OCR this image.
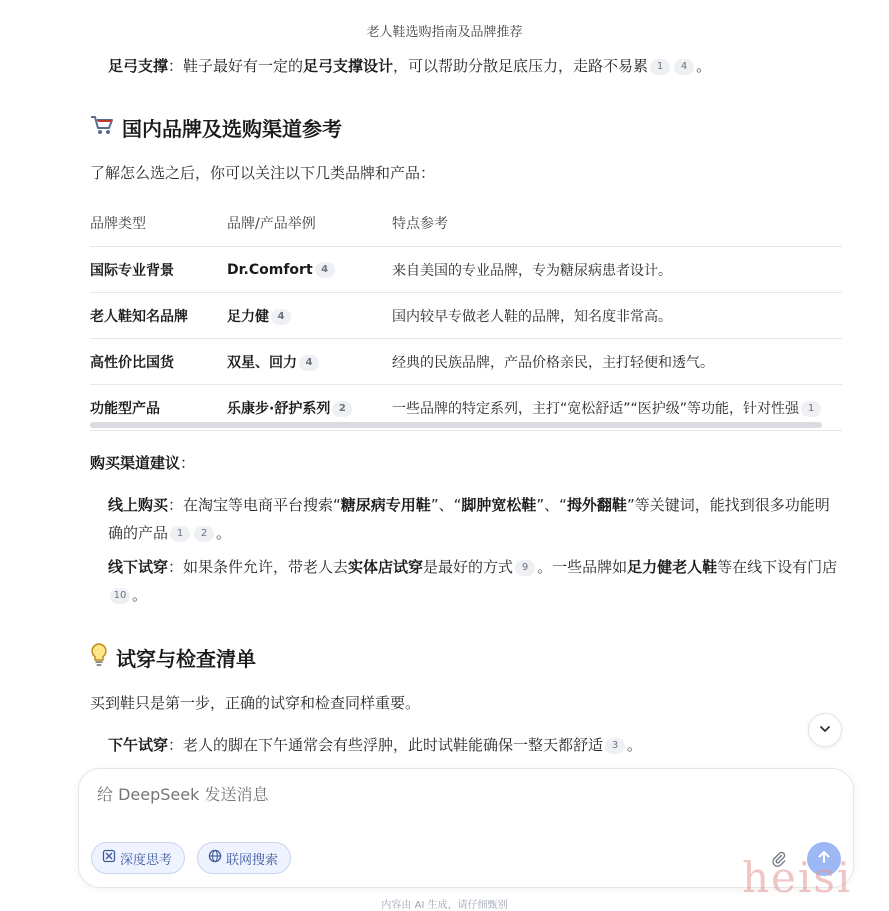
老人鞋选购指南及品牌推荐
足弓支撑：鞋子最好有一定的足弓支撑设计，可以帮助分散足底压力，走路不易累 1 4 。
国内品牌及选购渠道参考
了解怎么选之后，你可以关注以下几类品牌和产品：
品牌类型	品牌/产品举例	特点参考
国际专业背景	Dr.Comfort 4	来自美国的专业品牌，专为糖尿病患者设计。
老人鞋知名品牌	足力健 4	国内较早专做老人鞋的品牌，知名度非常高。
高性价比国货	双星、回力 4	经典的民族品牌，产品价格亲民，主打轻便和透气。
功能型产品	乐康步·舒护系列 2	一些品牌的特定系列，主打“宽松舒适”“医护级”等功能，针对性强 1
购买渠道建议：
线上购买：在淘宝等电商平台搜索“糖尿病专用鞋”、“脚肿宽松鞋”、“拇外翻鞋”等关键词，能找到很多功能明确的产品 1 2 。
线下试穿：如果条件允许，带老人去实体店试穿是最好的方式 9 。一些品牌如足力健老人鞋等在线下设有门店10 。
试穿与检查清单
买到鞋只是第一步，正确的试穿和检查同样重要。
下午试穿：老人的脚在下午通常会有些浮肿，此时试鞋能确保一整天都舒适 3 。
给 DeepSeek 发送消息
深度思考	联网搜索
内容由 AI 生成，请仔细甄别
heisi
